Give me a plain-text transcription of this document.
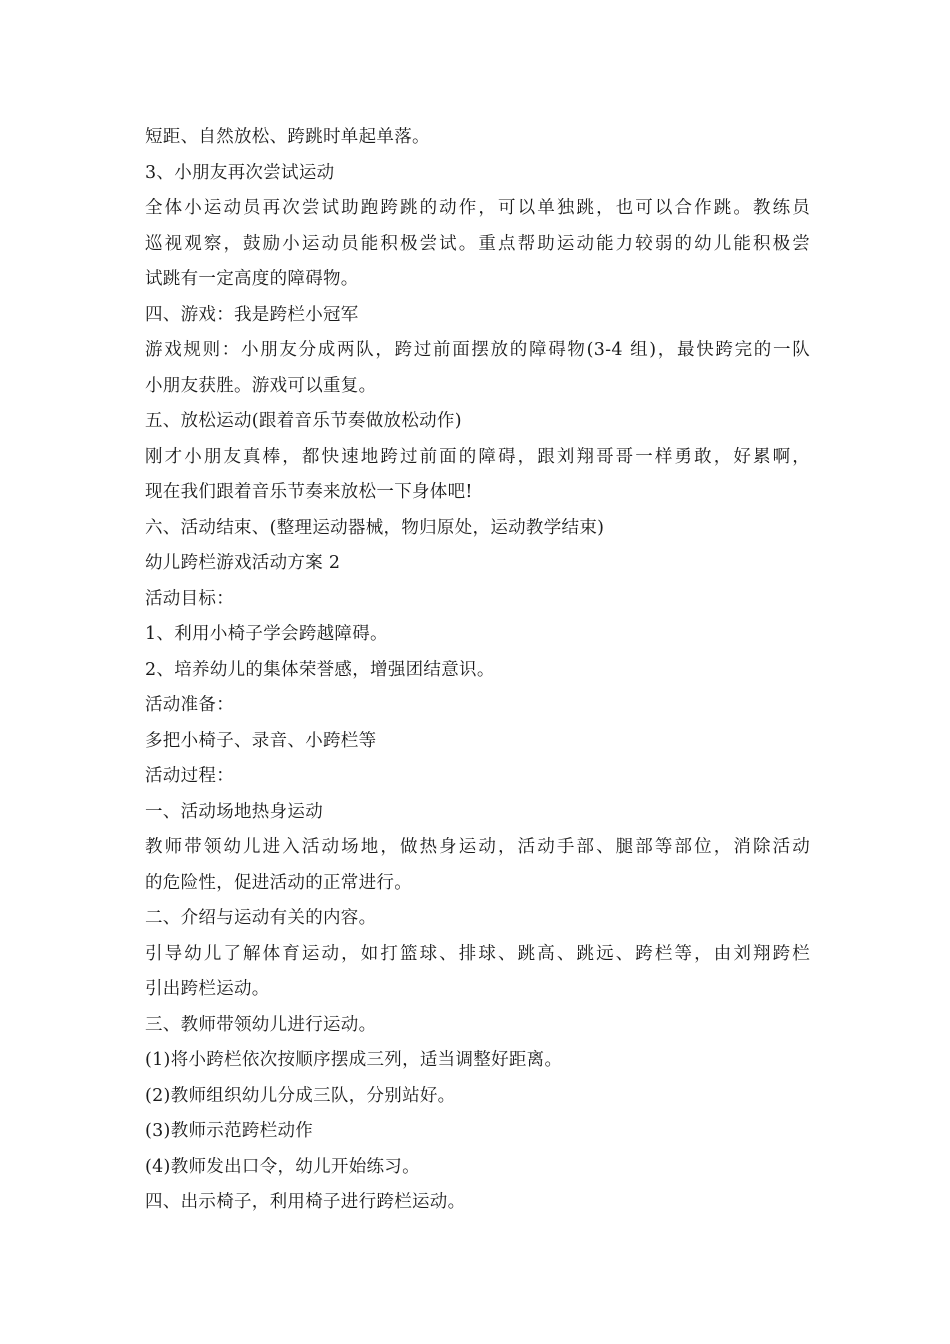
短距、自然放松、跨跳时单起单落。
3、小朋友再次尝试运动
全体小运动员再次尝试助跑跨跳的动作，可以单独跳，也可以合作跳。教练员
巡视观察，鼓励小运动员能积极尝试。重点帮助运动能力较弱的幼儿能积极尝
试跳有一定高度的障碍物。
四、游戏：我是跨栏小冠军
游戏规则：小朋友分成两队，跨过前面摆放的障碍物(3-4 组)，最快跨完的一队
小朋友获胜。游戏可以重复。
五、放松运动(跟着音乐节奏做放松动作)
刚才小朋友真棒，都快速地跨过前面的障碍，跟刘翔哥哥一样勇敢，好累啊，
现在我们跟着音乐节奏来放松一下身体吧!
六、活动结束、(整理运动器械，物归原处，运动教学结束)
幼儿跨栏游戏活动方案 2
活动目标：
1、利用小椅子学会跨越障碍。
2、培养幼儿的集体荣誉感，增强团结意识。
活动准备：
多把小椅子、录音、小跨栏等
活动过程：
一、活动场地热身运动
教师带领幼儿进入活动场地，做热身运动，活动手部、腿部等部位，消除活动
的危险性，促进活动的正常进行。
二、介绍与运动有关的内容。
引导幼儿了解体育运动，如打篮球、排球、跳高、跳远、跨栏等，由刘翔跨栏
引出跨栏运动。
三、教师带领幼儿进行运动。
(1)将小跨栏依次按顺序摆成三列，适当调整好距离。
(2)教师组织幼儿分成三队，分别站好。
(3)教师示范跨栏动作
(4)教师发出口令，幼儿开始练习。
四、出示椅子，利用椅子进行跨栏运动。
